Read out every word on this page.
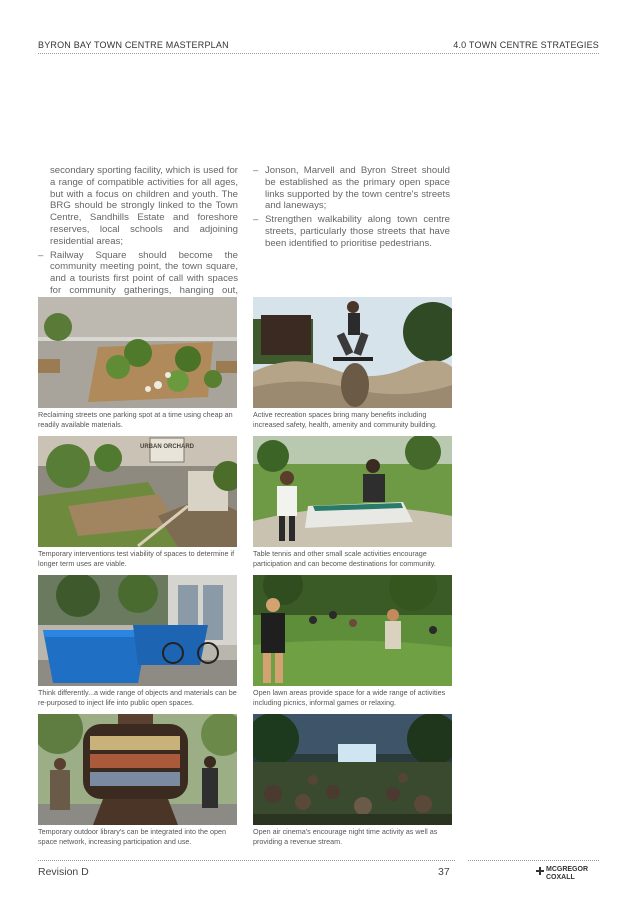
BYRON BAY TOWN CENTRE MASTERPLAN	4.0 TOWN CENTRE STRATEGIES

secondary sporting facility, which is used for a range of compatible activities for all ages, but with a focus on children and youth. The BRG should be strongly linked to the Town Centre, Sandhills Estate and foreshore reserves, local schools and adjoining residential areas;

– Railway Square should become the community meeting point, the town square, and a tourists first point of call with spaces for community gatherings, hanging out,
– Jonson, Marvell and Byron Street should be established as the primary open space links supported by the town centre's streets and laneways;
– Strengthen walkability along town centre streets, particularly those streets that have been identified to prioritise pedestrians.
Reclaiming streets one parking spot at a time using cheap an readily available materials.
Active recreation spaces bring many benefits including increased safety, health, amenity and community building.
URBAN ORCHARD
Temporary interventions test viability of spaces to determine if longer term uses are viable.
Table tennis and other small scale activities encourage participation and can become destinations for community.
Think differently...a wide range of objects and materials can be re-purposed to inject life into public open spaces.
Open lawn areas provide space for a wide range of activities including picnics, informal games or relaxing.
Temporary outdoor library's can be integrated into the open space network, increasing participation and use.
Open air cinema's encourage night time activity as well as providing a revenue stream.
Revision D	37	MCGREGOR
COXALL
